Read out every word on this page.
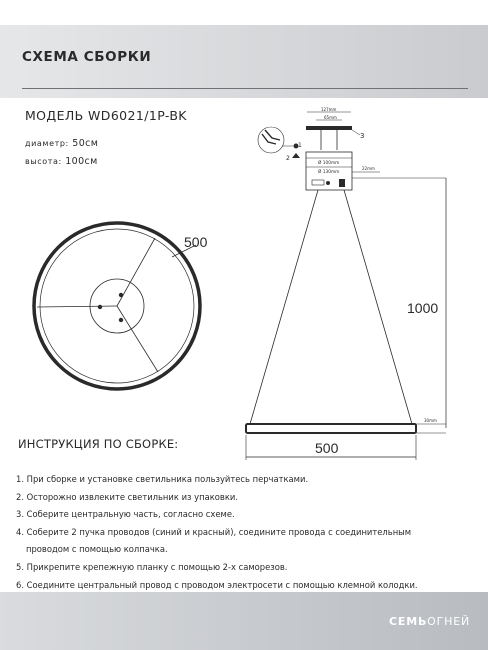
СХЕМА СБОРКИ
МОДЕЛЬ WD6021/1P-BK
диаметр: 50см
высота: 100см
500
127mm
65mm
3
1
2
Ø 100mm
Ø 130mm
22mm
1000
30mm
500
ИНСТРУКЦИЯ ПО СБОРКЕ:
1. При сборке и установке светильника пользуйтесь перчатками.
2. Осторожно извлеките светильник из упаковки.
3. Соберите центральную часть, согласно схеме.
4. Соберите 2 пучка проводов (синий и красный), соедините провода с соединительным
проводом с помощью колпачка.
5. Прикрепите крепежную планку с помощью 2-х саморезов.
6. Соедините центральный провод с проводом электросети с помощью клемной колодки.
СЕМЬОГНЕЙ
